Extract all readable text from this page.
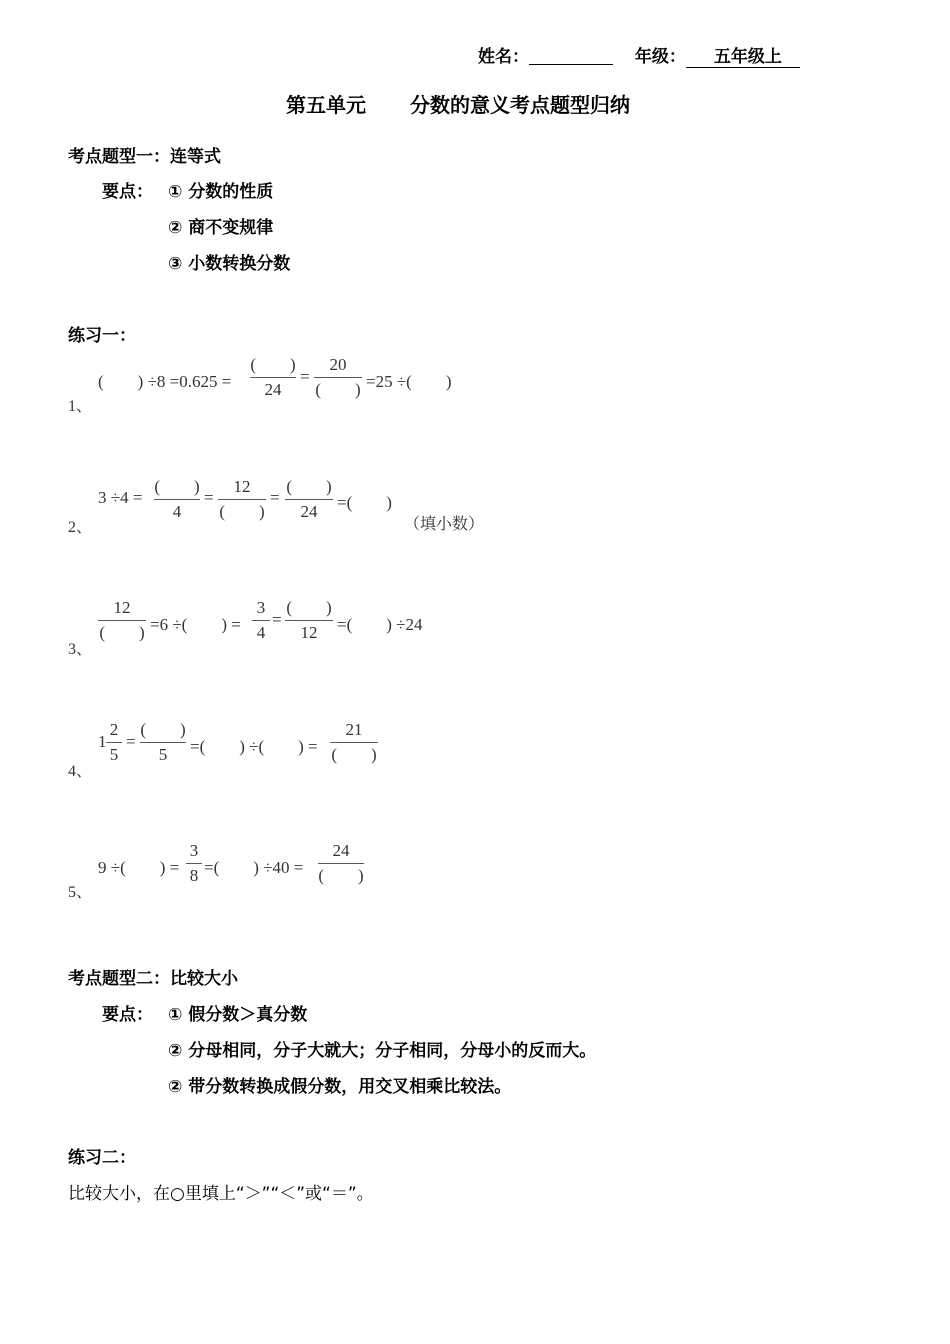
姓名：	年级： 五年级上
第五单元 分数的意义考点题型归纳
考点题型一：连等式
要点： ① 分数的性质
② 商不变规律
③ 小数转换分数
练习一：
1、
(　　) ÷8 =0.625 =
(　　)
24
=
20
(　　) =25 ÷(　　)
2、
3 ÷4 =
(　　)
4
=
12
(　　)
=
(　　)
24	=(　　)
（填小数）
3、
12
(　　) =6 ÷(　　) =
3
4
=
(　　)
12	=(　　) ÷24
4、
1
2
5
=
(　　)
5	=(　　) ÷(　　) =
21
(　　)
5、
9 ÷(　　) =
3
8 =(　　) ÷40 =
24
(　　)
考点题型二：比较大小
要点： ① 假分数＞真分数
② 分母相同，分子大就大；分子相同，分母小的反而大。
② 带分数转换成假分数，用交叉相乘比较法。
练习二：
比较大小，在○里填上“＞”“＜”或“＝”。
